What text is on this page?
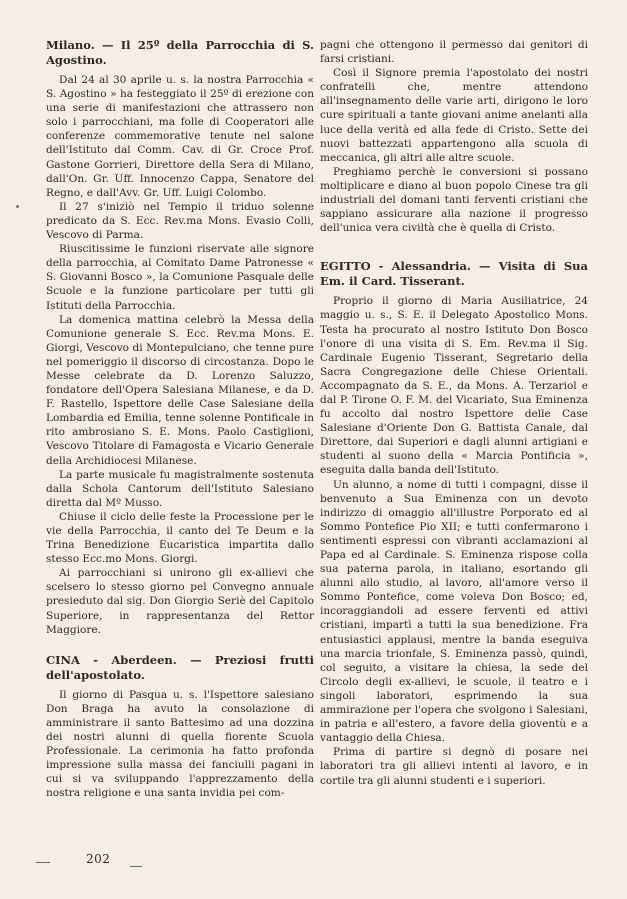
Milano. — Il 25º della Parrocchia di S. Agostino.

Dal 24 al 30 aprile u. s. la nostra Parrocchia « S. Agostino » ha festeggiato il 25º di erezione con una serie di manifestazioni che attrassero non solo i parrocchiani, ma folle di Cooperatori alle conferenze commemorative tenute nel salone dell'Istituto dal Comm. Cav. di Gr. Croce Prof. Gastone Gorrieri, Direttore della Sera di Milano, dall'On. Gr. Uff. Innocenzo Cappa, Senatore del Regno, e dall'Avv. Gr. Uff. Luigi Colombo.

Il 27 s'iniziò nel Tempio il triduo solenne predicato da S. Ecc. Rev.ma Mons. Evasio Colli, Vescovo di Parma.

Riuscitissime le funzioni riservate alle signore della parrocchia, al Comitato Dame Patronesse « S. Giovanni Bosco », la Comunione Pasquale delle Scuole e la funzione particolare per tutti gli Istituti della Parrocchia.

La domenica mattina celebrò la Messa della Comunione generale S. Ecc. Rev.ma Mons. E. Giorgi, Vescovo di Montepulciano, che tenne pure nel pomeriggio il discorso di circostanza. Dopo le Messe celebrate da D. Lorenzo Saluzzo, fondatore dell'Opera Salesiana Milanese, e da D. F. Rastello, Ispettore delle Case Salesiane della Lombardia ed Emilia, tenne solenne Pontificale in rito ambrosiano S. E. Mons. Paolo Castiglioni, Vescovo Titolare di Famagosta e Vicario Generale della Archidiocesi Milanese.

La parte musicale fu magistralmente sostenuta dalla Schola Cantorum dell'Istituto Salesiano diretta dal Mº Musso.

Chiuse il ciclo delle feste la Processione per le vie della Parrocchia, il canto del Te Deum e la Trina Benedizione Eucaristica impartita dallo stesso Ecc.mo Mons. Giorgi.

Ai parrocchiani si unirono gli ex-allievi che scelsero lo stesso giorno pel Convegno annuale presieduto dal sig. Don Giorgio Seriè del Capitolo Superiore, in rappresentanza del Rettor Maggiore.

CINA - Aberdeen. — Preziosi frutti dell'apostolato.

Il giorno di Pasqua u. s. l'Ispettore salesiano Don Braga ha avuto la consolazione di amministrare il santo Battesimo ad una dozzina dei nostri alunni di quella fiorente Scuola Professionale. La cerimonia ha fatto profonda impressione sulla massa dei fanciulli pagani in cui si va sviluppando l'apprezzamento della nostra religione e una santa invidia pei com-

pagni che ottengono il permesso dai genitori di farsi cristiani.

Così il Signore premia l'apostolato dei nostri confratelli che, mentre attendono all'insegnamento delle varie arti, dirigono le loro cure spirituali a tante giovani anime anelanti alla luce della verità ed alla fede di Cristo. Sette dei nuovi battezzati appartengono alla scuola di meccanica, gli altri alle altre scuole.

Preghiamo perchè le conversioni si possano moltiplicare e diano al buon popolo Cinese tra gli industriali del domani tanti ferventi cristiani che sappiano assicurare alla nazione il progresso dell'unica vera civiltà che è quella di Cristo.

EGITTO - Alessandria. — Visita di Sua Em. il Card. Tisserant.

Proprio il giorno di Maria Ausiliatrice, 24 maggio u. s., S. E. il Delegato Apostolico Mons. Testa ha procurato al nostro Istituto Don Bosco l'onore di una visita di S. Em. Rev.ma il Sig. Cardinale Eugenio Tisserant, Segretario della Sacra Congregazione delle Chiese Orientali. Accompagnato da S. E., da Mons. A. Terzariol e dal P. Tirone O. F. M. del Vicariato, Sua Eminenza fu accolto dal nostro Ispettore delle Case Salesiane d'Oriente Don G. Battista Canale, dal Direttore, dai Superiori e dagli alunni artigiani e studenti al suono della « Marcia Pontificia », eseguita dalla banda dell'Istituto.

Un alunno, a nome di tutti i compagni, disse il benvenuto a Sua Eminenza con un devoto indirizzo di omaggio all'illustre Porporato ed al Sommo Pontefice Pio XII; e tutti confermarono i sentimenti espressi con vibranti acclamazioni al Papa ed al Cardinale. S. Eminenza rispose colla sua paterna parola, in italiano, esortando gli alunni allo studio, al lavoro, all'amore verso il Sommo Pontefice, come voleva Don Bosco; ed, incoraggiandoli ad essere ferventi ed attivi cristiani, impartì a tutti la sua benedizione. Fra entusiastici applausi, mentre la banda eseguiva una marcia trionfale, S. Eminenza passò, quindi, col seguito, a visitare la chiesa, la sede del Circolo degli ex-allievi, le scuole, il teatro e i singoli laboratori, esprimendo la sua ammirazione per l'opera che svolgono i Salesiani, in patria e all'estero, a favore della gioventù e a vantaggio della Chiesa.

Prima di partire si degnò di posare nei laboratori tra gli allievi intenti al lavoro, e in cortile tra gli alunni studenti e i superiori.

202
